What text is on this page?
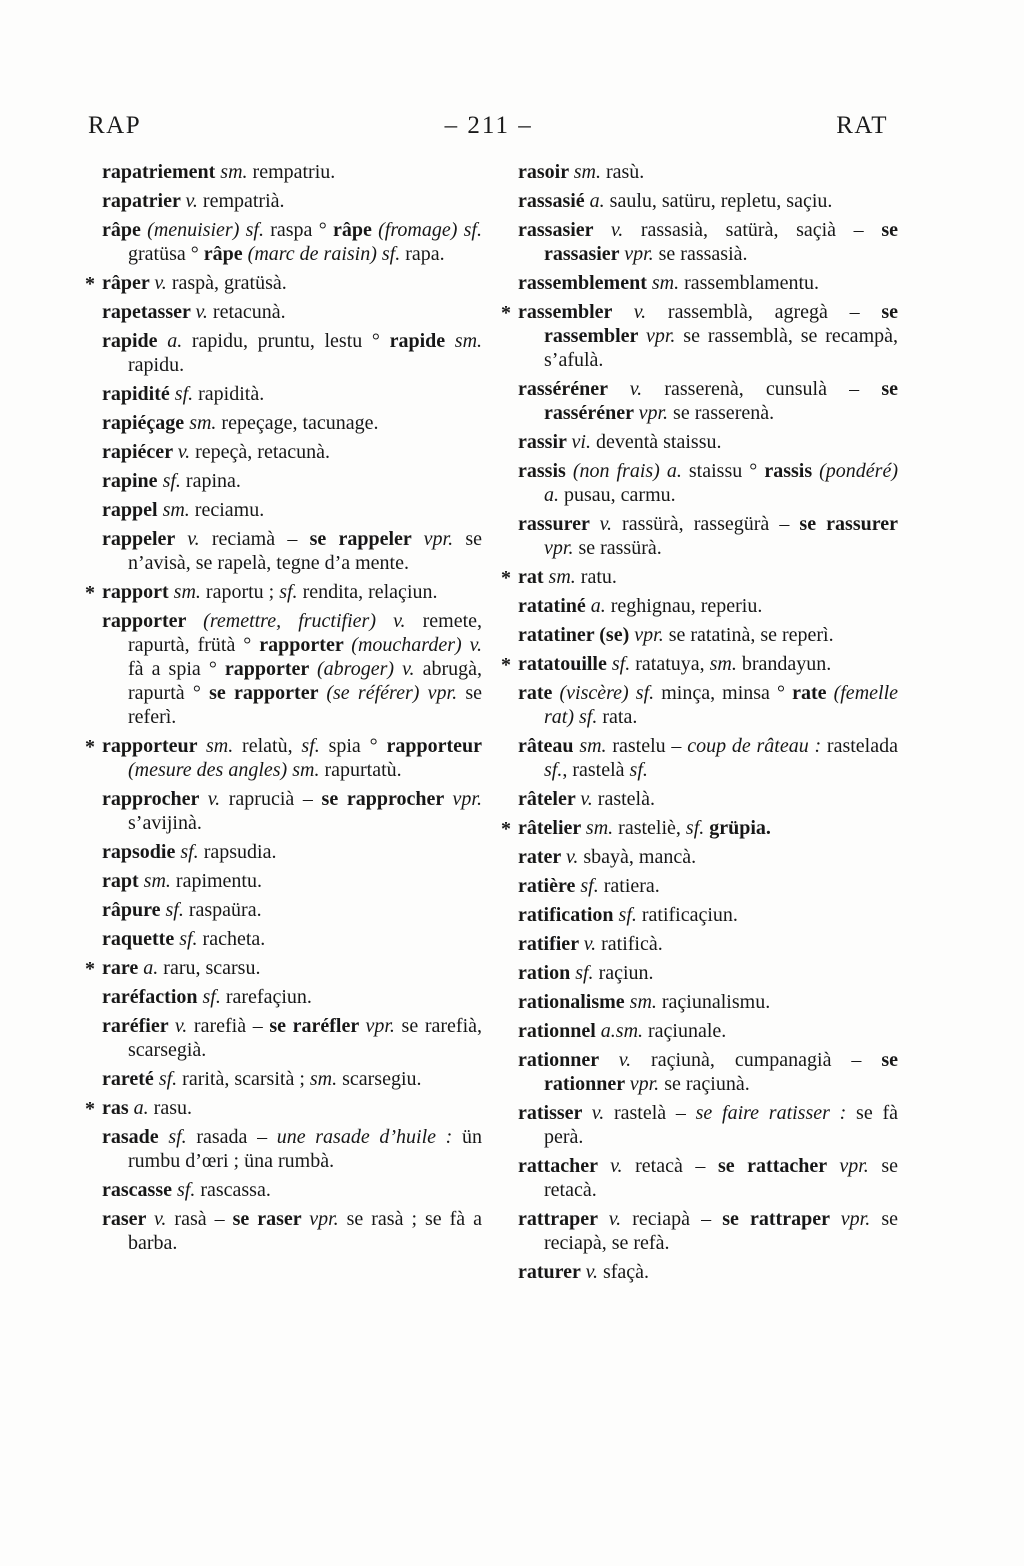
RAP	– 211 –	RAT

rapatriement sm. rempatriu.

rapatrier v. rempatrià.

râpe (menuisier) sf. raspa ° râpe (fromage) sf. gratüsa ° râpe (marc de raisin) sf. rapa.

* râper v. raspà, gratüsà.

rapetasser v. retacunà.

rapide a. rapidu, pruntu, lestu ° rapide sm. rapidu.

rapidité sf. rapidità.

rapiéçage sm. repeçage, tacunage.

rapiécer v. repeçà, retacunà.

rapine sf. rapina.

rappel sm. reciamu.

rappeler v. reciamà – se rappeler vpr. se n’avisà, se rapelà, tegne d’a mente.

* rapport sm. raportu ; sf. rendita, relaçiun.

rapporter (remettre, fructifier) v. remete, rapurtà, frütà ° rapporter (moucharder) v. fà a spia ° rapporter (abroger) v. abrugà, rapurtà ° se rapporter (se référer) vpr. se referì.

* rapporteur sm. relatù, sf. spia ° rapporteur (mesure des angles) sm. rapurtatù.

rapprocher v. raprucià – se rapprocher vpr. s’avijinà.

rapsodie sf. rapsudia.

rapt sm. rapimentu.

râpure sf. raspaüra.

raquette sf. racheta.

* rare a. raru, scarsu.

raréfaction sf. rarefaçiun.

raréfier v. rarefià – se raréfler vpr. se rarefià, scarsegià.

rareté sf. rarità, scarsità ; sm. scarsegiu.

* ras a. rasu.

rasade sf. rasada – une rasade d’huile : ün rumbu d’œri ; üna rumbà.

rascasse sf. rascassa.

raser v. rasà – se raser vpr. se rasà ; se fà a barba.

rasoir sm. rasù.

rassasié a. saulu, satüru, repletu, saçiu.

rassasier v. rassasià, satürà, saçià – se rassasier vpr. se rassasià.

rassemblement sm. rassemblamentu.

* rassembler v. rassemblà, agregà – se rassembler vpr. se rassemblà, se recampà, s’afulà.

rasséréner v. rasserenà, cunsulà – se rasséréner vpr. se rasserenà.

rassir vi. deventà staissu.

rassis (non frais) a. staissu ° rassis (pondéré) a. pusau, carmu.

rassurer v. rassürà, rassegürà – se rassurer vpr. se rassürà.

* rat sm. ratu.

ratatiné a. reghignau, reperiu.

ratatiner (se) vpr. se ratatinà, se reperì.

* ratatouille sf. ratatuya, sm. brandayun.

rate (viscère) sf. minça, minsa ° rate (femelle rat) sf. rata.

râteau sm. rastelu – coup de râteau : rastelada sf., rastelà sf.

râteler v. rastelà.

* râtelier sm. rasteliè, sf. grüpia.

rater v. sbayà, mancà.

ratière sf. ratiera.

ratification sf. ratificaçiun.

ratifier v. ratificà.

ration sf. raçiun.

rationalisme sm. raçiunalismu.

rationnel a.sm. raçiunale.

rationner v. raçiunà, cumpanagià – se rationner vpr. se raçiunà.

ratisser v. rastelà – se faire ratisser : se fà perà.

rattacher v. retacà – se rattacher vpr. se retacà.

rattraper v. reciapà – se rattraper vpr. se reciapà, se refà.

raturer v. sfaçà.
